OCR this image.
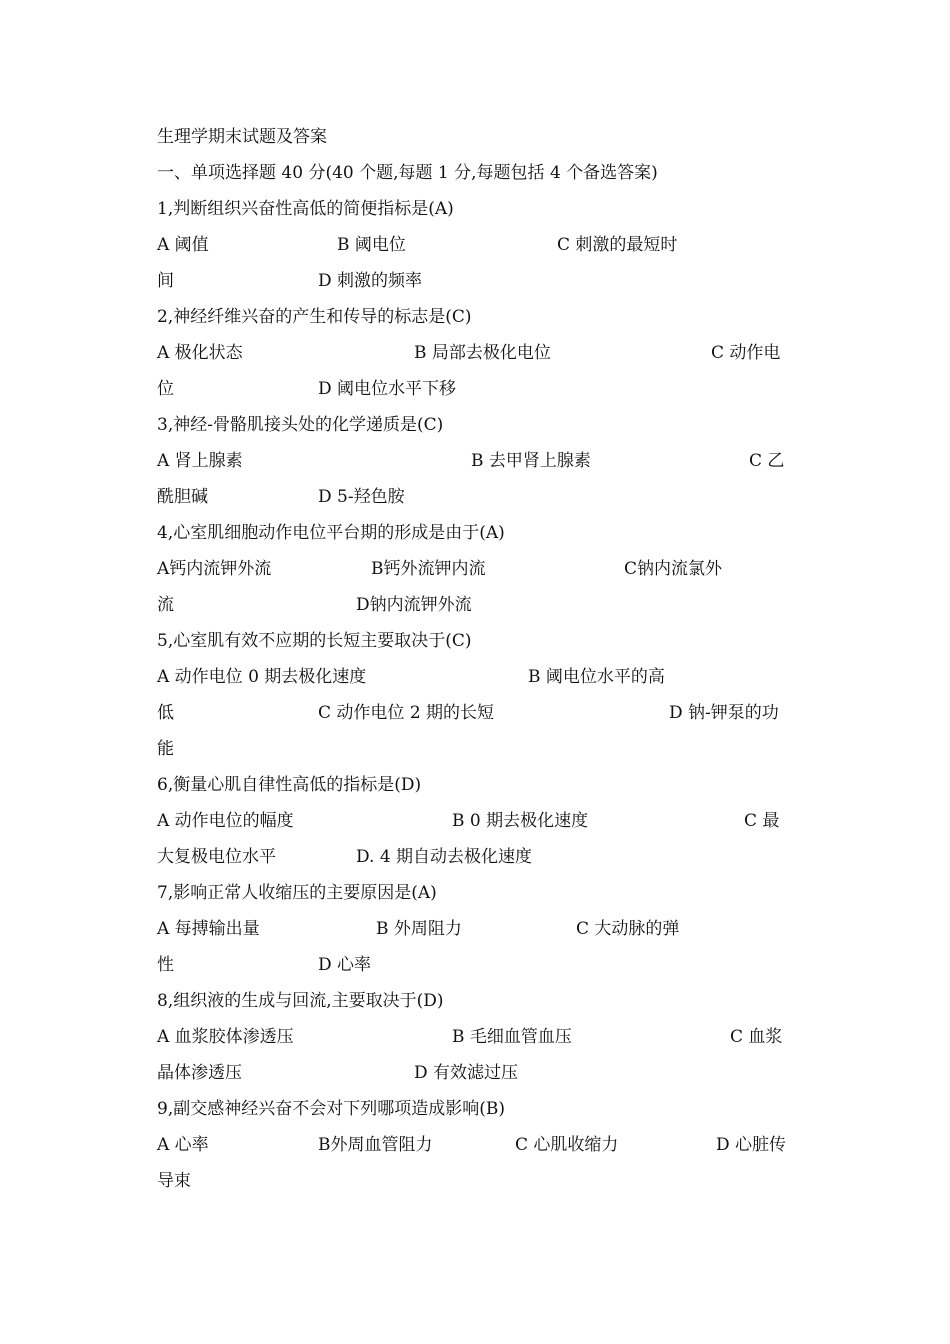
生理学期末试题及答案
一、单项选择题 40 分(40 个题,每题 1 分,每题包括 4 个备选答案)
1,判断组织兴奋性高低的简便指标是(A)
A 阈值	B 阈电位	C 刺激的最短时
间	D 刺激的频率
2,神经纤维兴奋的产生和传导的标志是(C)
A 极化状态	B 局部去极化电位	C 动作电
位	D 阈电位水平下移
3,神经-骨骼肌接头处的化学递质是(C)
A 肾上腺素	B 去甲肾上腺素	C 乙
酰胆碱	D 5-羟色胺
4,心室肌细胞动作电位平台期的形成是由于(A)
A钙内流钾外流	B钙外流钾内流	C钠内流氯外
流	D钠内流钾外流
5,心室肌有效不应期的长短主要取决于(C)
A 动作电位 0 期去极化速度	B 阈电位水平的高
低	C 动作电位 2 期的长短	D 钠-钾泵的功
能
6,衡量心肌自律性高低的指标是(D)
A 动作电位的幅度	B 0 期去极化速度	C 最
大复极电位水平	D. 4 期自动去极化速度
7,影响正常人收缩压的主要原因是(A)
A 每搏输出量	B 外周阻力	C 大动脉的弹
性	D 心率
8,组织液的生成与回流,主要取决于(D)
A 血浆胶体渗透压	B 毛细血管血压	C 血浆
晶体渗透压	D 有效滤过压
9,副交感神经兴奋不会对下列哪项造成影响(B)
A 心率	B外周血管阻力	C 心肌收缩力	D 心脏传
导束
